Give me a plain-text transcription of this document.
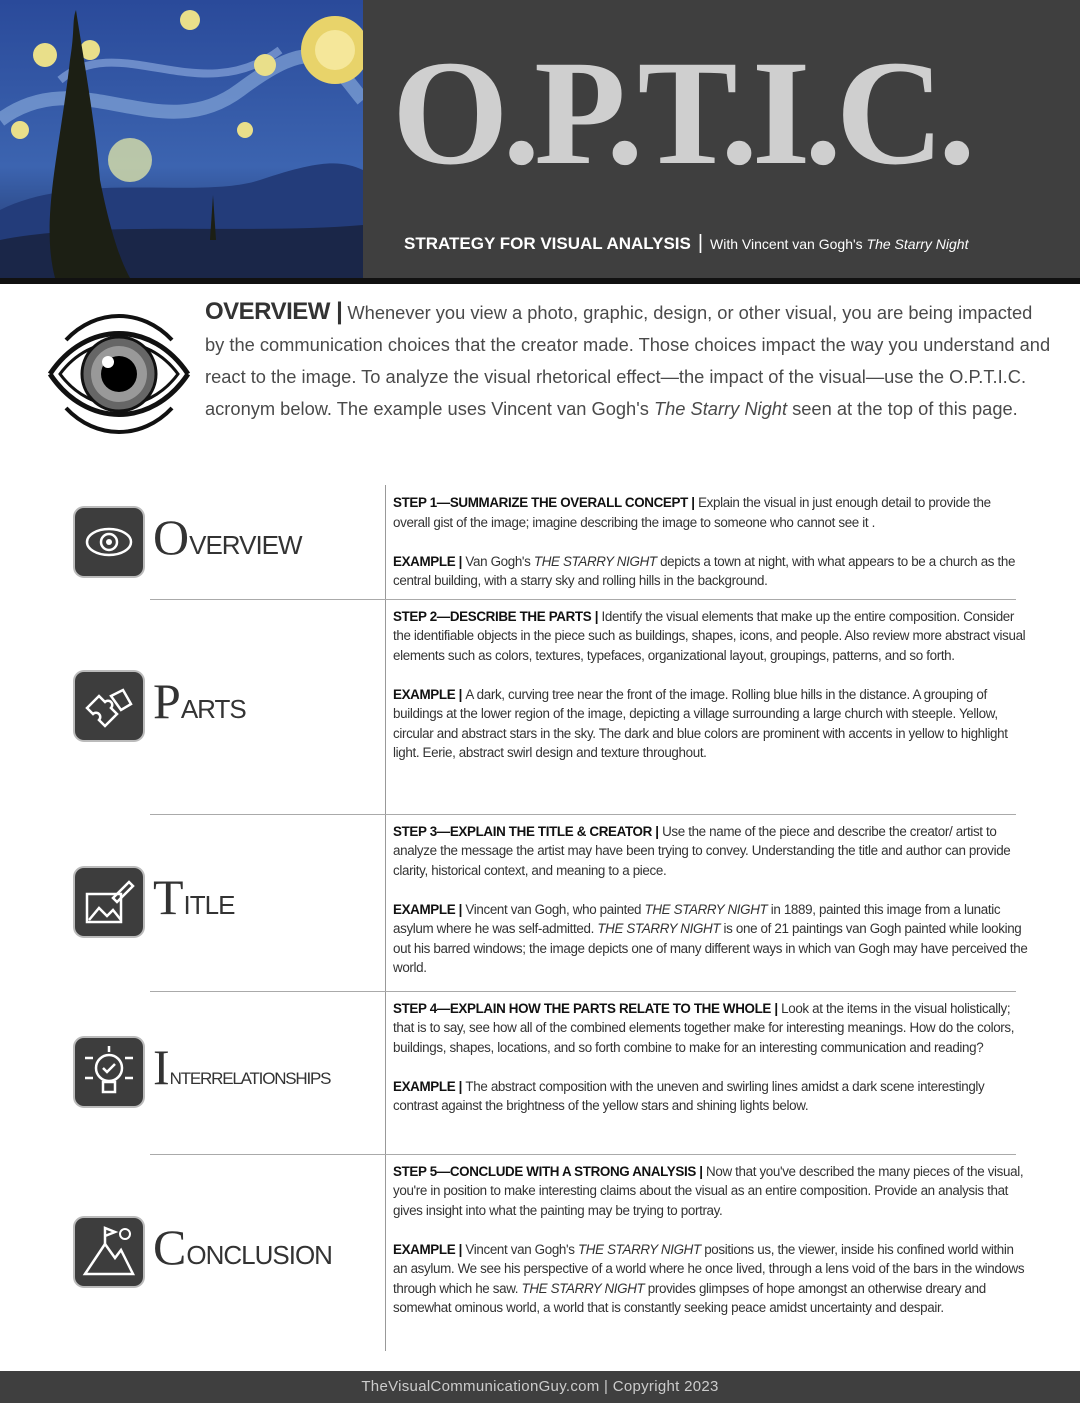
O.P.T.I.C.
STRATEGY FOR VISUAL ANALYSIS | With Vincent van Gogh's The Starry Night
OVERVIEW | Whenever you view a photo, graphic, design, or other visual, you are being impacted by the communication choices that the creator made. Those choices impact the way you understand and react to the image. To analyze the visual rhetorical effect—the impact of the visual—use the O.P.T.I.C. acronym below. The example uses Vincent van Gogh's The Starry Night seen at the top of this page.
OVERVIEW

STEP 1—SUMMARIZE THE OVERALL CONCEPT | Explain the visual in just enough detail to provide the overall gist of the image; imagine describing the image to someone who cannot see it .

EXAMPLE | Van Gogh's THE STARRY NIGHT depicts a town at night, with what appears to be a church as the central building, with a starry sky and rolling hills in the background.

PARTS

STEP 2—DESCRIBE THE PARTS | Identify the visual elements that make up the entire composition. Consider the identifiable objects in the piece such as buildings, shapes, icons, and people. Also review more abstract visual elements such as colors, textures, typefaces, organizational layout, groupings, patterns, and so forth.

EXAMPLE | A dark, curving tree near the front of the image. Rolling blue hills in the distance. A grouping of buildings at the lower region of the image, depicting a village surrounding a large church with steeple. Yellow, circular and abstract stars in the sky. The dark and blue colors are prominent with accents in yellow to highlight light. Eerie, abstract swirl design and texture throughout.

TITLE

STEP 3—EXPLAIN THE TITLE & CREATOR | Use the name of the piece and describe the creator/ artist to analyze the message the artist may have been trying to convey. Understanding the title and author can provide clarity, historical context, and meaning to a piece.

EXAMPLE | Vincent van Gogh, who painted THE STARRY NIGHT in 1889, painted this image from a lunatic asylum where he was self-admitted. THE STARRY NIGHT is one of 21 paintings van Gogh painted while looking out his barred windows; the image depicts one of many different ways in which van Gogh may have perceived the world.

INTERRELATIONSHIPS

STEP 4—EXPLAIN HOW THE PARTS RELATE TO THE WHOLE | Look at the items in the visual holistically; that is to say, see how all of the combined elements together make for interesting meanings. How do the colors, buildings, shapes, locations, and so forth combine to make for an interesting communication and reading?

EXAMPLE | The abstract composition with the uneven and swirling lines amidst a dark scene interestingly contrast against the brightness of the yellow stars and shining lights below.

CONCLUSION

STEP 5—CONCLUDE WITH A STRONG ANALYSIS | Now that you've described the many pieces of the visual, you're in position to make interesting claims about the visual as an entire composition. Provide an analysis that gives insight into what the painting may be trying to portray.

EXAMPLE | Vincent van Gogh's THE STARRY NIGHT positions us, the viewer, inside his confined world within an asylum. We see his perspective of a world where he once lived, through a lens void of the bars in the windows through which he saw. THE STARRY NIGHT provides glimpses of hope amongst an otherwise dreary and somewhat ominous world, a world that is constantly seeking peace amidst uncertainty and despair.

TheVisualCommunicationGuy.com | Copyright 2023
